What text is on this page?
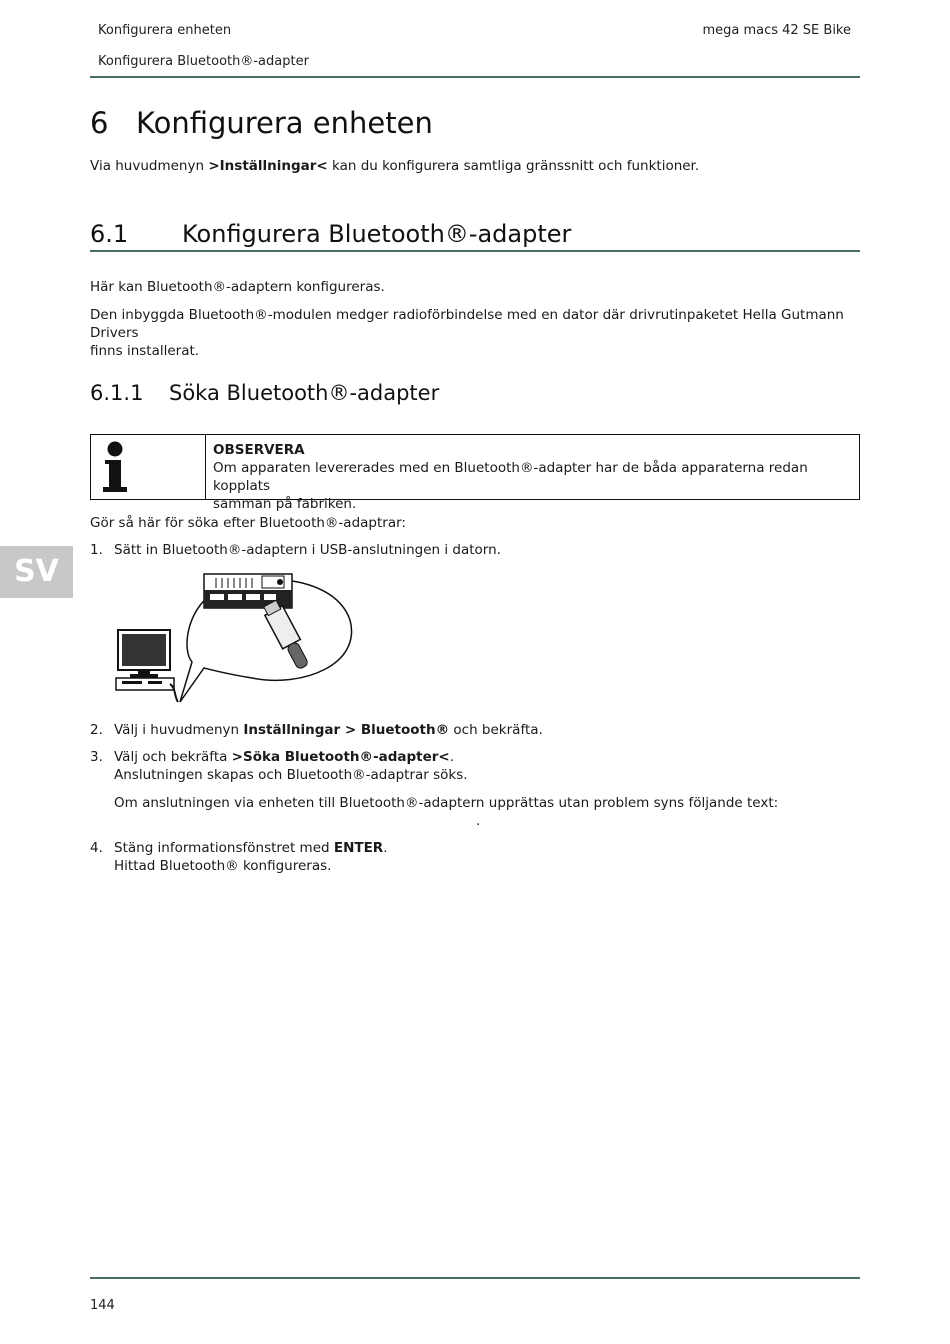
Konfigurera enheten	mega macs 42 SE Bike
Konfigurera Bluetooth®-adapter
6 Konfigurera enheten
Via huvudmenyn >Inställningar< kan du konfigurera samtliga gränssnitt och funktioner.
6.1 Konfigurera Bluetooth®-adapter
Här kan Bluetooth®-adaptern konfigureras.
Den inbyggda Bluetooth®-modulen medger radioförbindelse med en dator där drivrutinpaketet Hella Gutmann Drivers
finns installerat.
6.1.1 Söka Bluetooth®-adapter
OBSERVERA
Om apparaten levererades med en Bluetooth®-adapter har de båda apparaterna redan kopplats
samman på fabriken.
Gör så här för söka efter Bluetooth®-adaptrar:
1. Sätt in Bluetooth®-adaptern i USB-anslutningen i datorn.
2. Välj i huvudmenyn Inställningar > Bluetooth® och bekräfta.
3. Välj och bekräfta >Söka Bluetooth®-adapter<.
Anslutningen skapas och Bluetooth®-adaptrar söks.
Om anslutningen via enheten till Bluetooth®-adaptern upprättas utan problem syns följande text:
.
4. Stäng informationsfönstret med ENTER.
Hittad Bluetooth® konfigureras.
SV
144
